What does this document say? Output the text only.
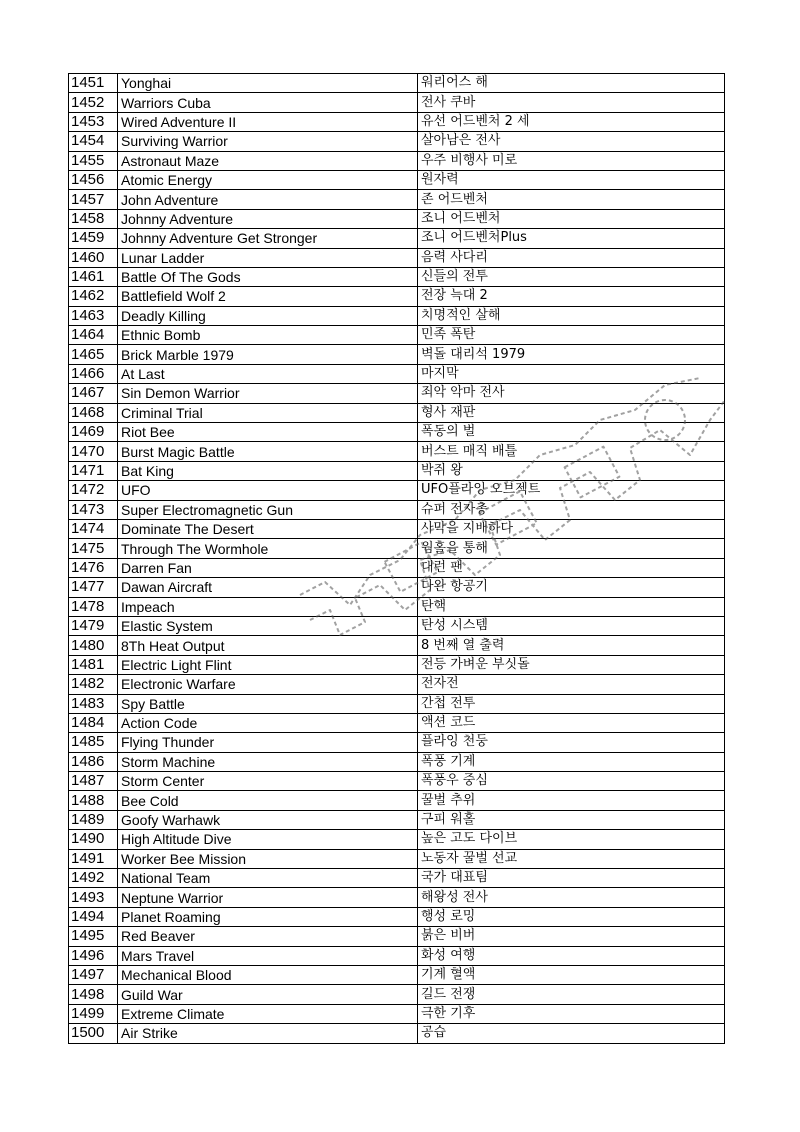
1451	Yonghai	워리어스 해
1452	Warriors Cuba	전사 쿠바
1453	Wired Adventure II	유선 어드벤처 2 세
1454	Surviving Warrior	살아남은 전사
1455	Astronaut Maze	우주 비행사 미로
1456	Atomic Energy	원자력
1457	John Adventure	존 어드벤처
1458	Johnny Adventure	조니 어드벤처
1459	Johnny Adventure Get Stronger	조니 어드벤처Plus
1460	Lunar Ladder	음력 사다리
1461	Battle Of The Gods	신들의 전투
1462	Battlefield Wolf 2	전장 늑대 2
1463	Deadly Killing	치명적인 살해
1464	Ethnic Bomb	민족 폭탄
1465	Brick Marble 1979	벽돌 대리석 1979
1466	At Last	마지막
1467	Sin Demon Warrior	죄악 악마 전사
1468	Criminal Trial	형사 재판
1469	Riot Bee	폭동의 벌
1470	Burst Magic Battle	버스트 매직 배틀
1471	Bat King	박쥐 왕
1472	UFO	UFO플라잉 오브젝트
1473	Super Electromagnetic Gun	슈퍼 전자총
1474	Dominate The Desert	사막을 지배하다
1475	Through The Wormhole	웜홀을 통해
1476	Darren Fan	대런 팬
1477	Dawan Aircraft	다완 항공기
1478	Impeach	탄핵
1479	Elastic System	탄성 시스템
1480	8Th Heat Output	8 번째 열 출력
1481	Electric Light Flint	전등 가벼운 부싯돌
1482	Electronic Warfare	전자전
1483	Spy Battle	간첩 전투
1484	Action Code	액션 코드
1485	Flying Thunder	플라잉 천둥
1486	Storm Machine	폭풍 기계
1487	Storm Center	폭풍우 중심
1488	Bee Cold	꿀벌 추위
1489	Goofy Warhawk	구피 워홀
1490	High Altitude Dive	높은 고도 다이브
1491	Worker Bee Mission	노동자 꿀벌 선교
1492	National Team	국가 대표팀
1493	Neptune Warrior	해왕성 전사
1494	Planet Roaming	행성 로밍
1495	Red Beaver	붉은 비버
1496	Mars Travel	화성 여행
1497	Mechanical Blood	기계 혈액
1498	Guild War	길드 전쟁
1499	Extreme Climate	극한 기후
1500	Air Strike	공습
